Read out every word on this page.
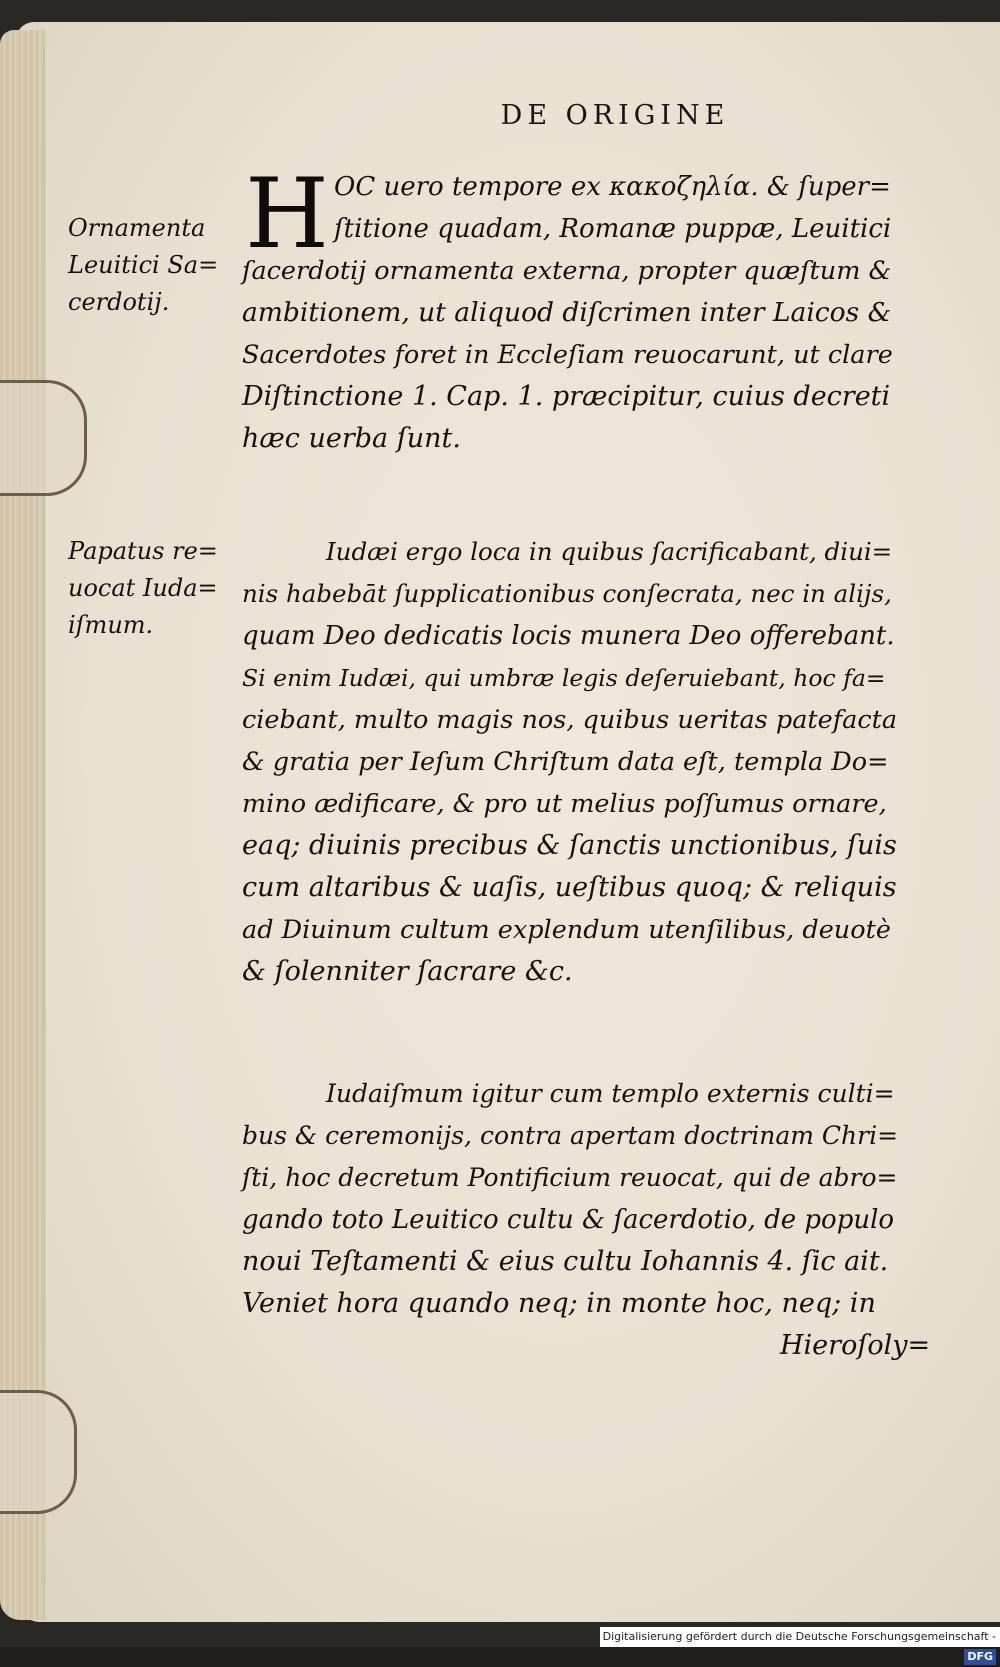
DE ORIGINE
H
Ornamenta
Leuitici Sa=
cerdotij.
Papatus re=
uocat Iuda=
iſmum.
OC uero tempore ex κακοζηλία. & ſuper=
ſtitione quadam, Romanæ puppæ, Leuitici
ſacerdotij ornamenta externa, propter quæſtum &
ambitionem, ut aliquod diſcrimen inter Laicos &
Sacerdotes foret in Eccleſiam reuocarunt, ut clare
Diſtinctione 1. Cap. 1. præcipitur, cuius decreti
hæc uerba ſunt.
Iudæi ergo loca in quibus ſacrificabant, diui=
nis habebāt ſupplicationibus conſecrata, nec in alijs,
quam Deo dedicatis locis munera Deo offerebant.
Si enim Iudæi, qui umbræ legis deſeruiebant, hoc fa=
ciebant, multo magis nos, quibus ueritas patefacta
& gratia per Ieſum Chriſtum data eſt, templa Do=
mino ædificare, & pro ut melius poſſumus ornare,
eaq; diuinis precibus & ſanctis unctionibus, ſuis
cum altaribus & uaſis, ueſtibus quoq; & reliquis
ad Diuinum cultum explendum utenſilibus, deuotè
& ſolenniter ſacrare &c.
Iudaiſmum igitur cum templo externis culti=
bus & ceremonijs, contra apertam doctrinam Chri=
ſti, hoc decretum Pontificium reuocat, qui de abro=
gando toto Leuitico cultu & ſacerdotio, de populo
noui Teſtamenti & eius cultu Iohannis 4. ſic ait.
Veniet hora quando neq; in monte hoc, neq; in
Hieroſoly=
Digitalisierung gefördert durch die Deutsche Forschungsgemeinschaft -DFG
